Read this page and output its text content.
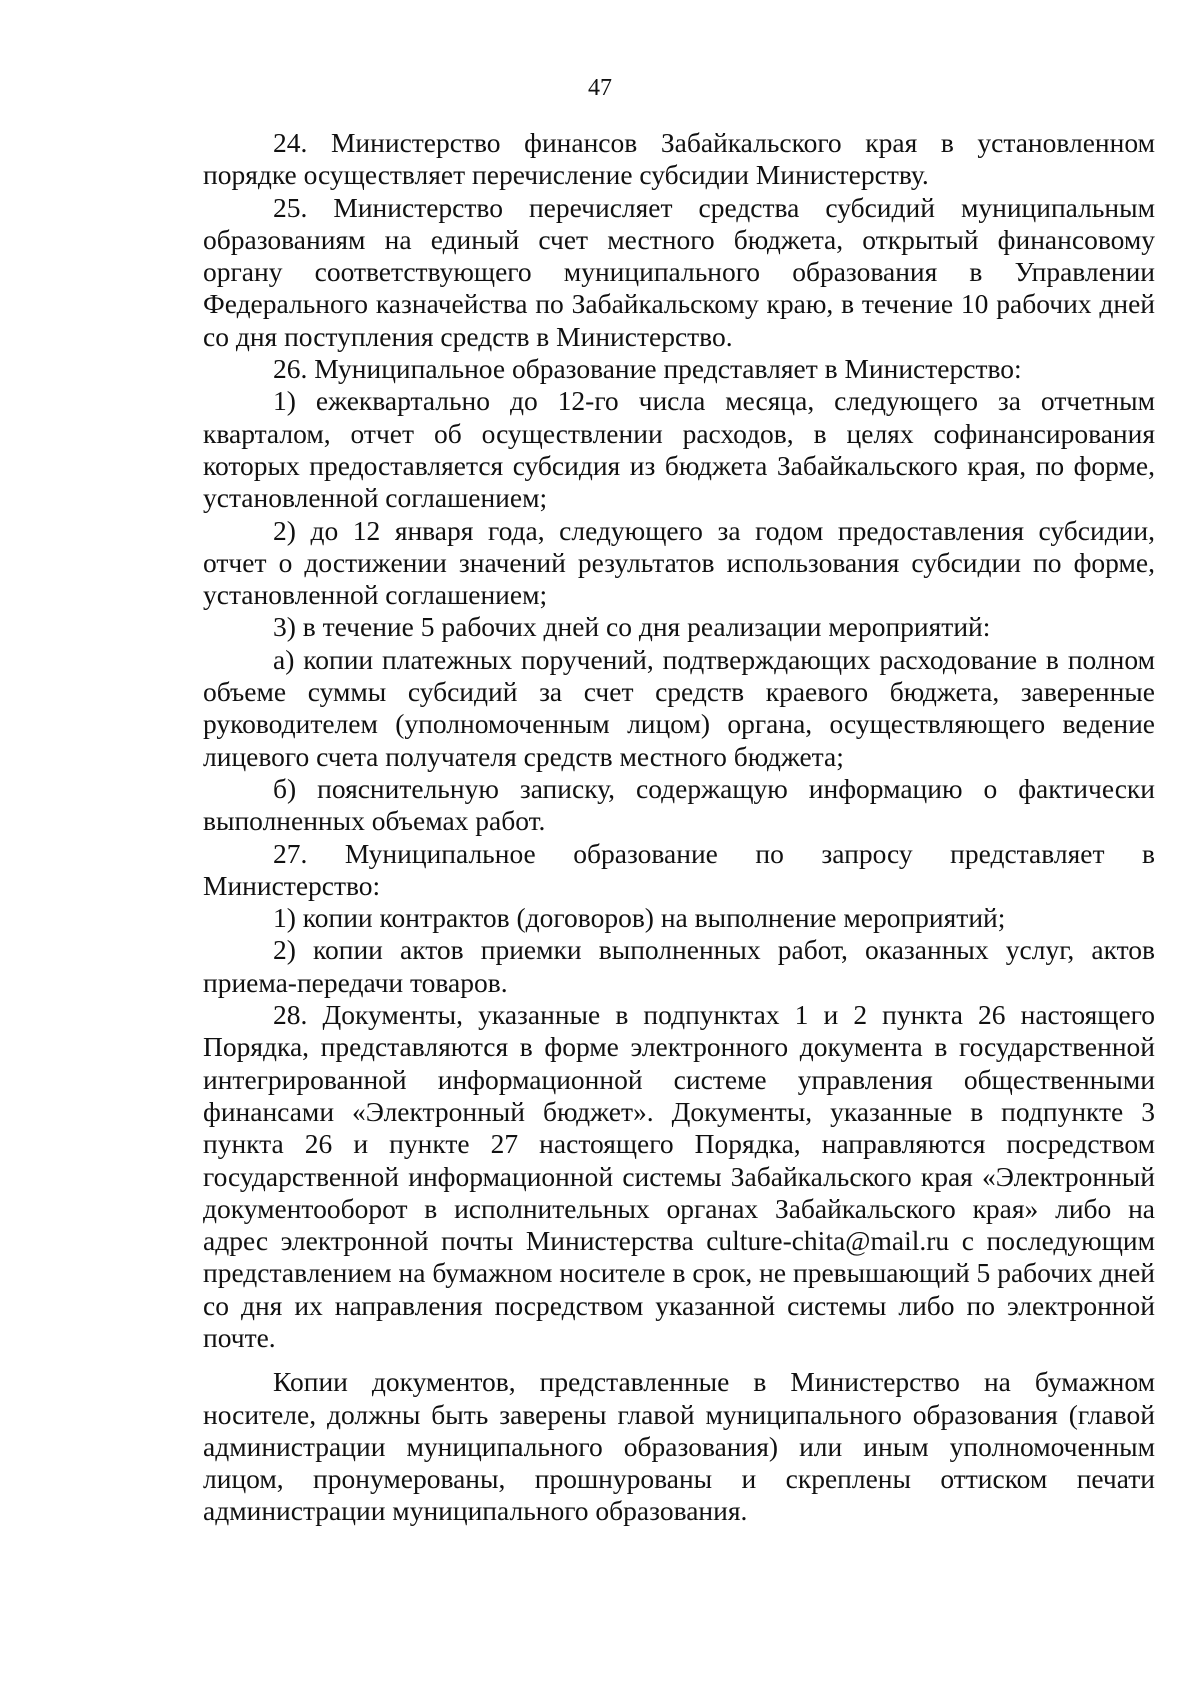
47

24. Министерство финансов Забайкальского края в установленном порядке осуществляет перечисление субсидии Министерству.

25. Министерство перечисляет средства субсидий муниципальным образованиям на единый счет местного бюджета, открытый финансовому органу соответствующего муниципального образования в Управлении Федерального казначейства по Забайкальскому краю, в течение 10 рабочих дней со дня поступления средств в Министерство.

26. Муниципальное образование представляет в Министерство:

1) ежеквартально до 12-го числа месяца, следующего за отчетным кварталом, отчет об осуществлении расходов, в целях софинансирования которых предоставляется субсидия из бюджета Забайкальского края, по форме, установленной соглашением;

2) до 12 января года, следующего за годом предоставления субсидии, отчет о достижении значений результатов использования субсидии по форме, установленной соглашением;

3) в течение 5 рабочих дней со дня реализации мероприятий:

а) копии платежных поручений, подтверждающих расходование в полном объеме суммы субсидий за счет средств краевого бюджета, заверенные руководителем (уполномоченным лицом) органа, осуществляющего ведение лицевого счета получателя средств местного бюджета;

б) пояснительную записку, содержащую информацию о фактически выполненных объемах работ.

27. Муниципальное образование по запросу представляет в Министерство:

1) копии контрактов (договоров) на выполнение мероприятий;

2) копии актов приемки выполненных работ, оказанных услуг, актов приема-передачи товаров.

28. Документы, указанные в подпунктах 1 и 2 пункта 26 настоящего Порядка, представляются в форме электронного документа в государственной интегрированной информационной системе управления общественными финансами «Электронный бюджет». Документы, указанные в подпункте 3 пункта 26 и пункте 27 настоящего Порядка, направляются посредством государственной информационной системы Забайкальского края «Электронный документооборот в исполнительных органах Забайкальского края» либо на адрес электронной почты Министерства culture-chita@mail.ru с последующим представлением на бумажном носителе в срок, не превышающий 5 рабочих дней со дня их направления посредством указанной системы либо по электронной почте.

Копии документов, представленные в Министерство на бумажном носителе, должны быть заверены главой муниципального образования (главой администрации муниципального образования) или иным уполномоченным лицом, пронумерованы, прошнурованы и скреплены оттиском печати администрации муниципального образования.
